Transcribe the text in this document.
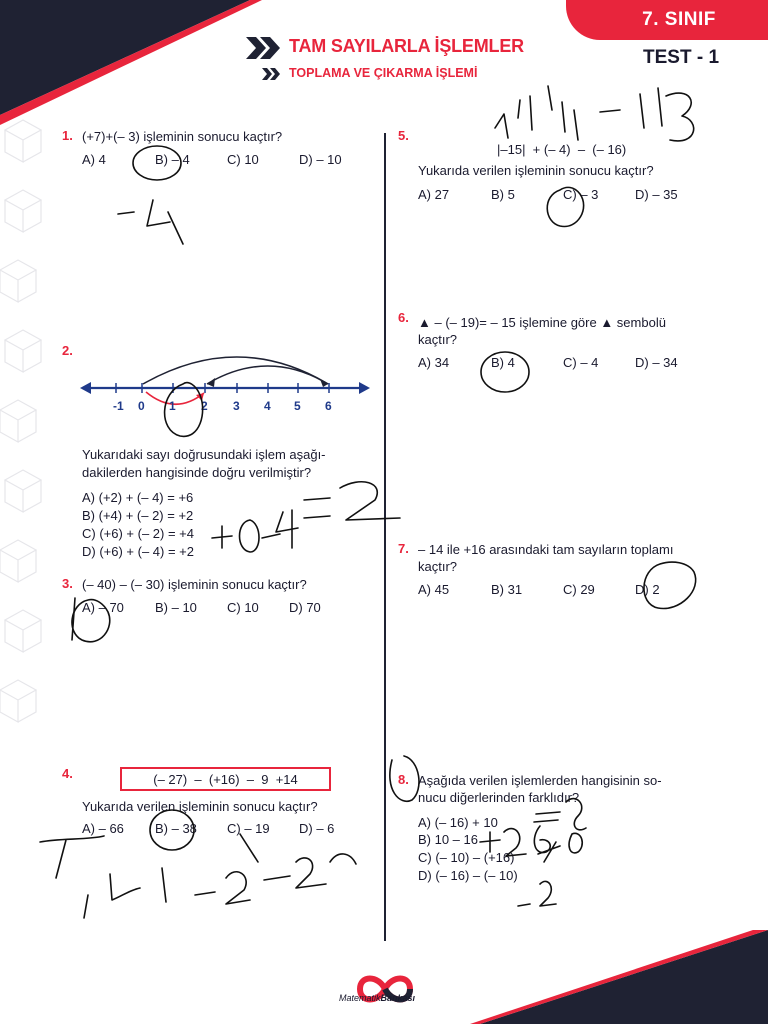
7. SINIF
TEST - 1
TAM SAYILARLA İŞLEMLER
TOPLAMA VE ÇIKARMA İŞLEMİ
1. (+7)+(– 3) işleminin sonucu kaçtır?
A) 4	B) – 4	C) 10	D) – 10
2.
-1 0 1 2 3 4 5 6
Yukarıdaki sayı doğrusundaki işlem aşağı-
dakilerden hangisinde doğru verilmiştir?
A) (+2) + (– 4) = +6
B) (+4) + (– 2) = +2
C) (+6) + (– 2) = +4
D) (+6) + (– 4) = +2
3. (– 40) – (– 30) işleminin sonucu kaçtır?
A) – 70 B) – 10 C) 10 D) 70
4.	(– 27)  –  (+16)  –  9  +14
Yukarıda verilen işleminin sonucu kaçtır?
A) – 66 B) – 38 C) – 19 D) – 6
5.
|–15|  + (– 4)  –  (– 16)
Yukarıda verilen işleminin sonucu kaçtır?
A) 27	B) 5	C) – 3	D) – 35
6. ▲ – (– 19)= – 15 işlemine göre ▲ sembolü
kaçtır?
A) 34	B) 4	C) – 4	D) – 34
7. – 14 ile +16 arasındaki tam sayıların toplamı
kaçtır?
A) 45	B) 31	C) 29	D) 2
8. Aşağıda verilen işlemlerden hangisinin so-
nucu diğerlerinden farklıdır?
A) (– 16) + 10
B) 10 – 16
C) (– 10) – (+16)
D) (– 16) – (– 10)
MatematikBankası
